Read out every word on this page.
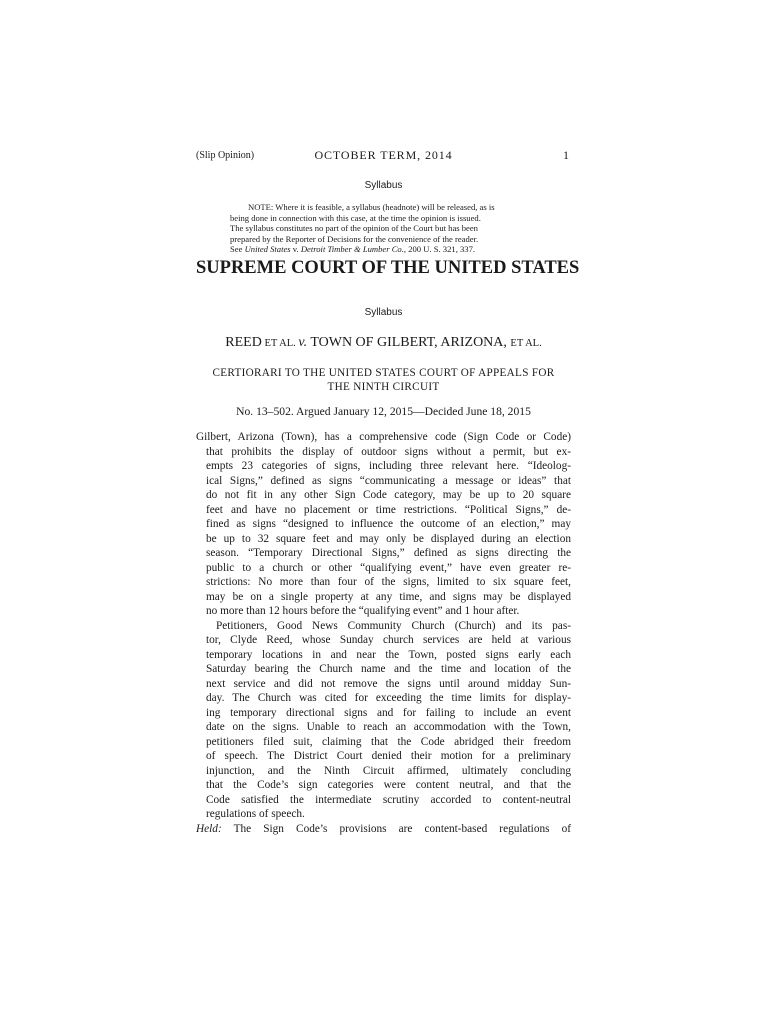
(Slip Opinion)	OCTOBER TERM, 2014	1
Syllabus
NOTE: Where it is feasible, a syllabus (headnote) will be released, as is
being done in connection with this case, at the time the opinion is issued.
The syllabus constitutes no part of the opinion of the Court but has been
prepared by the Reporter of Decisions for the convenience of the reader.
See United States v. Detroit Timber & Lumber Co., 200 U. S. 321, 337.
SUPREME COURT OF THE UNITED STATES
Syllabus
REED ET AL. v. TOWN OF GILBERT, ARIZONA, ET AL.
CERTIORARI TO THE UNITED STATES COURT OF APPEALS FOR
THE NINTH CIRCUIT
No. 13–502. Argued January 12, 2015—Decided June 18, 2015
Gilbert, Arizona (Town), has a comprehensive code (Sign Code or Code)
that prohibits the display of outdoor signs without a permit, but ex-
empts 23 categories of signs, including three relevant here. “Ideolog-
ical Signs,” defined as signs “communicating a message or ideas” that
do not fit in any other Sign Code category, may be up to 20 square
feet and have no placement or time restrictions. “Political Signs,” de-
fined as signs “designed to influence the outcome of an election,” may
be up to 32 square feet and may only be displayed during an election
season. “Temporary Directional Signs,” defined as signs directing the
public to a church or other “qualifying event,” have even greater re-
strictions: No more than four of the signs, limited to six square feet,
may be on a single property at any time, and signs may be displayed
no more than 12 hours before the “qualifying event” and 1 hour after.
Petitioners, Good News Community Church (Church) and its pas-
tor, Clyde Reed, whose Sunday church services are held at various
temporary locations in and near the Town, posted signs early each
Saturday bearing the Church name and the time and location of the
next service and did not remove the signs until around midday Sun-
day. The Church was cited for exceeding the time limits for display-
ing temporary directional signs and for failing to include an event
date on the signs. Unable to reach an accommodation with the Town,
petitioners filed suit, claiming that the Code abridged their freedom
of speech. The District Court denied their motion for a preliminary
injunction, and the Ninth Circuit affirmed, ultimately concluding
that the Code’s sign categories were content neutral, and that the
Code satisfied the intermediate scrutiny accorded to content-neutral
regulations of speech.
Held: The Sign Code’s provisions are content-based regulations of
